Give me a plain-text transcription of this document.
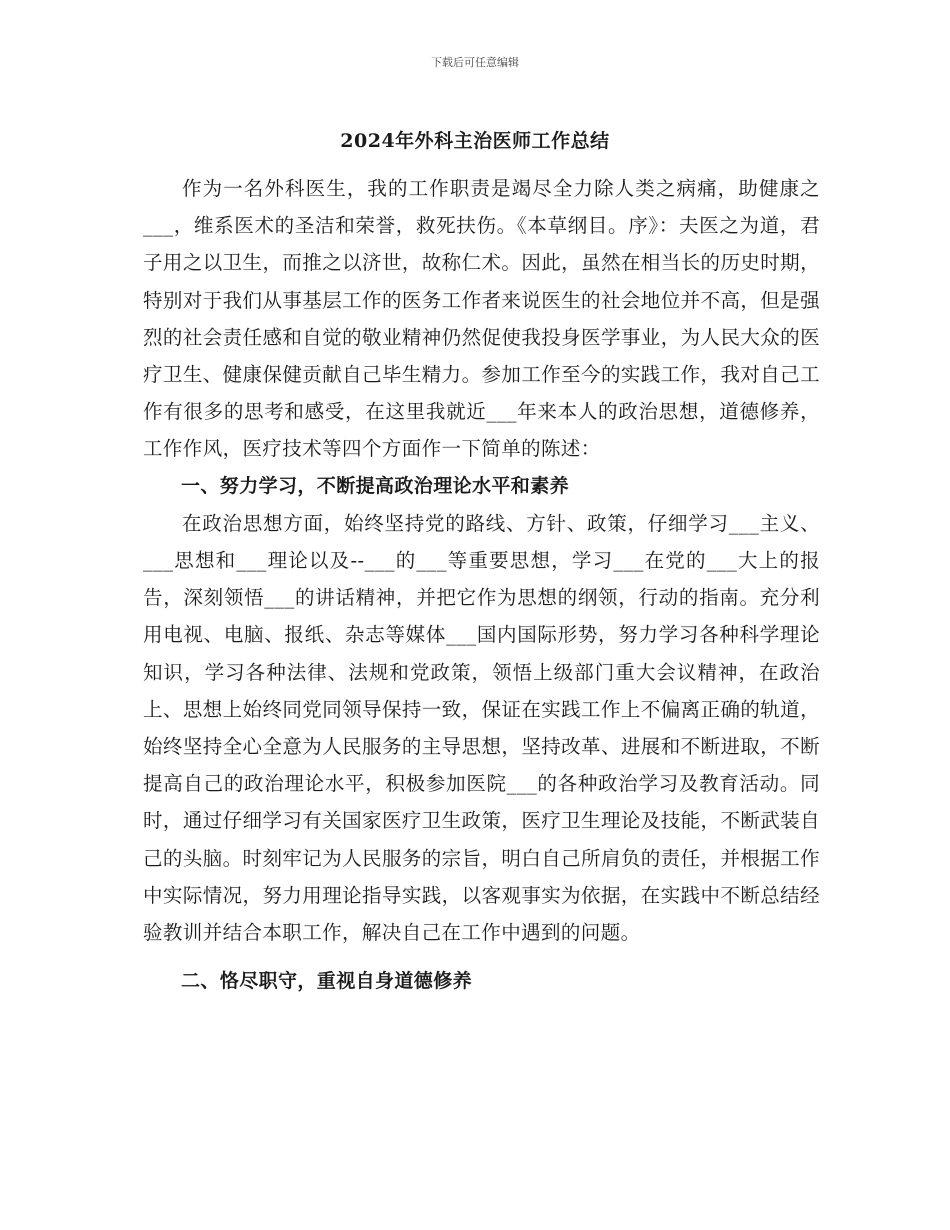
下载后可任意编辑
2024年外科主治医师工作总结

作为一名外科医生，我的工作职责是竭尽全力除人类之病痛，助健康之___，维系医术的圣洁和荣誉，救死扶伤。《本草纲目。序》：夫医之为道，君子用之以卫生，而推之以济世，故称仁术。因此，虽然在相当长的历史时期，特别对于我们从事基层工作的医务工作者来说医生的社会地位并不高，但是强烈的社会责任感和自觉的敬业精神仍然促使我投身医学事业，为人民大众的医疗卫生、健康保健贡献自己毕生精力。参加工作至今的实践工作，我对自己工作有很多的思考和感受，在这里我就近___年来本人的政治思想，道德修养，工作作风，医疗技术等四个方面作一下简单的陈述：

一、努力学习，不断提高政治理论水平和素养

在政治思想方面，始终坚持党的路线、方针、政策，仔细学习___主义、___思想和___理论以及--___的___等重要思想，学习___在党的___大上的报告，深刻领悟___的讲话精神，并把它作为思想的纲领，行动的指南。充分利用电视、电脑、报纸、杂志等媒体___国内国际形势，努力学习各种科学理论知识，学习各种法律、法规和党政策，领悟上级部门重大会议精神，在政治上、思想上始终同党同领导保持一致，保证在实践工作上不偏离正确的轨道，始终坚持全心全意为人民服务的主导思想，坚持改革、进展和不断进取，不断提高自己的政治理论水平，积极参加医院___的各种政治学习及教育活动。同时，通过仔细学习有关国家医疗卫生政策，医疗卫生理论及技能，不断武装自己的头脑。时刻牢记为人民服务的宗旨，明白自己所肩负的责任，并根据工作中实际情况，努力用理论指导实践，以客观事实为依据，在实践中不断总结经验教训并结合本职工作，解决自己在工作中遇到的问题。

二、恪尽职守，重视自身道德修养
